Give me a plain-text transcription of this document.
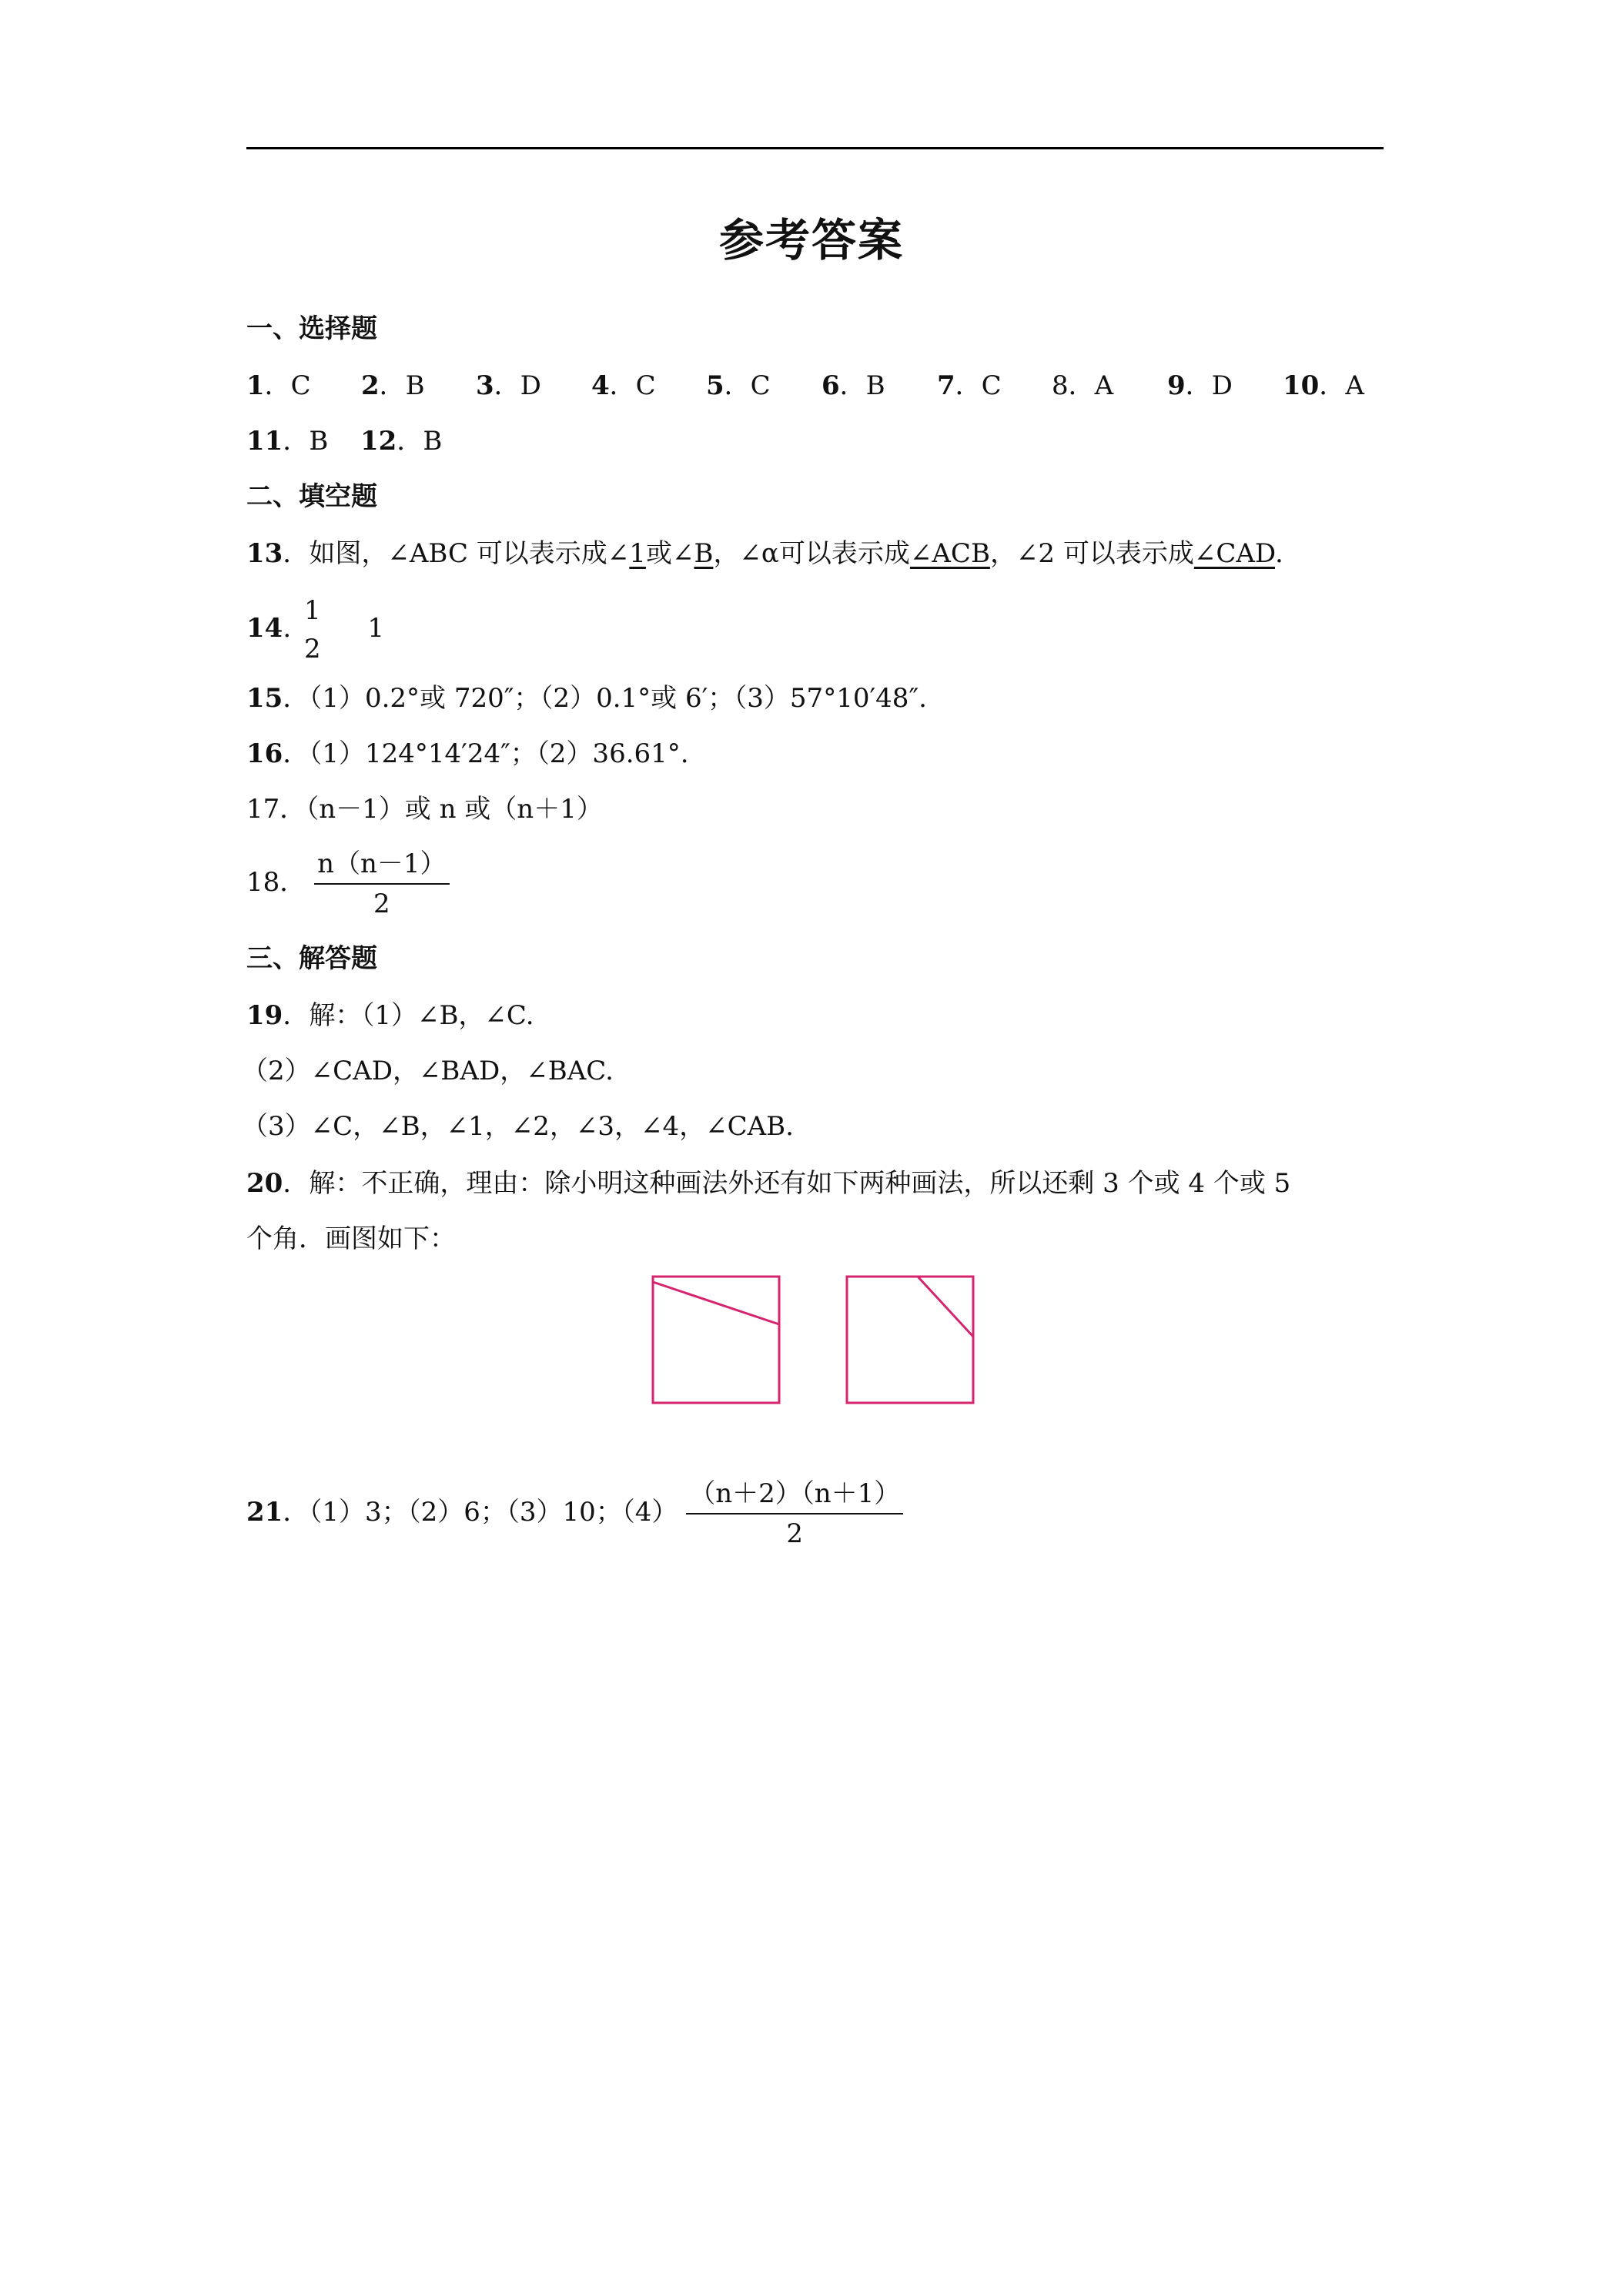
参考答案
一、选择题
1．C 2．B 3．D 4．C 5．C 6．B 7．C 8．A 9．D 10．A
11．B 12．B
二、填空题
13．如图，∠ABC 可以表示成∠1或∠B，∠α可以表示成∠ACB，∠2 可以表示成∠CAD.
14.
1
2
1
15．（1）0.2°或 720″；（2）0.1°或 6′；（3）57°10′48″.
16．（1）124°14′24″；（2）36.61°.
17．（n－1）或 n 或（n＋1）
18． $\frac{n(n-1)}{2}$
三、解答题
19．解：（1）∠B，∠C.
（2）∠CAD，∠BAD，∠BAC.
（3）∠C，∠B，∠1，∠2，∠3，∠4，∠CAB.
20．解：不正确，理由：除小明这种画法外还有如下两种画法，所以还剩 3 个或 4 个或 5
个角．画图如下：
21．（1）3；（2）6；（3）10；$(4) \frac{(n+2)(n+1)}{2}$
